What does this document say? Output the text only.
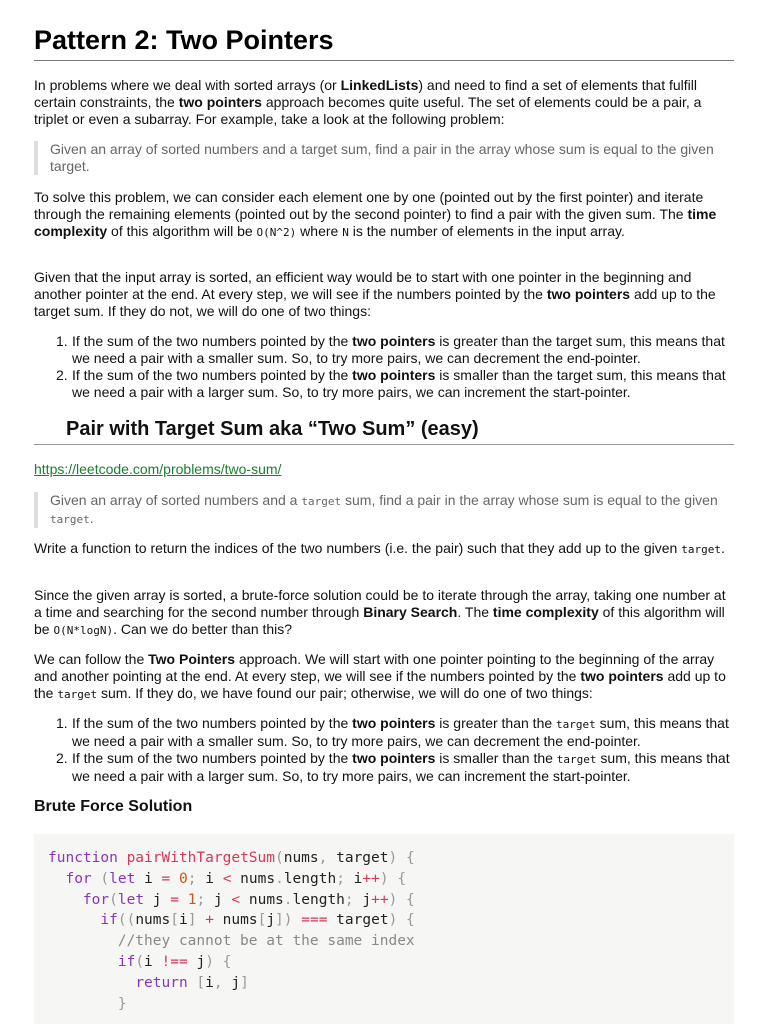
Pattern 2: Two Pointers

In problems where we deal with sorted arrays (or LinkedLists) and need to find a set of elements that fulfill certain constraints, the two pointers approach becomes quite useful. The set of elements could be a pair, a triplet or even a subarray. For example, take a look at the following problem:

Given an array of sorted numbers and a target sum, find a pair in the array whose sum is equal to the given target.

To solve this problem, we can consider each element one by one (pointed out by the first pointer) and iterate through the remaining elements (pointed out by the second pointer) to find a pair with the given sum. The time complexity of this algorithm will be O(N^2) where N is the number of elements in the input array.

Given that the input array is sorted, an efficient way would be to start with one pointer in the beginning and another pointer at the end. At every step, we will see if the numbers pointed by the two pointers add up to the target sum. If they do not, we will do one of two things:

1. If the sum of the two numbers pointed by the two pointers is greater than the target sum, this means that we need a pair with a smaller sum. So, to try more pairs, we can decrement the end-pointer.
2. If the sum of the two numbers pointed by the two pointers is smaller than the target sum, this means that we need a pair with a larger sum. So, to try more pairs, we can increment the start-pointer.
Pair with Target Sum aka “Two Sum” (easy)
https://leetcode.com/problems/two-sum/

Given an array of sorted numbers and a target sum, find a pair in the array whose sum is equal to the given target.

Write a function to return the indices of the two numbers (i.e. the pair) such that they add up to the given target.

Since the given array is sorted, a brute-force solution could be to iterate through the array, taking one number at a time and searching for the second number through Binary Search. The time complexity of this algorithm will be O(N*logN). Can we do better than this?

We can follow the Two Pointers approach. We will start with one pointer pointing to the beginning of the array and another pointing at the end. At every step, we will see if the numbers pointed by the two pointers add up to the target sum. If they do, we have found our pair; otherwise, we will do one of two things:

1. If the sum of the two numbers pointed by the two pointers is greater than the target sum, this means that we need a pair with a smaller sum. So, to try more pairs, we can decrement the end-pointer.
2. If the sum of the two numbers pointed by the two pointers is smaller than the target sum, this means that we need a pair with a larger sum. So, to try more pairs, we can increment the start-pointer.
Brute Force Solution
function pairWithTargetSum(nums, target) {
for (let i = 0; i < nums.length; i++) {
for(let j = 1; j < nums.length; j++) {
if((nums[i] + nums[j]) === target) {
//they cannot be at the same index
if(i !== j) {
return [i, j]
}
